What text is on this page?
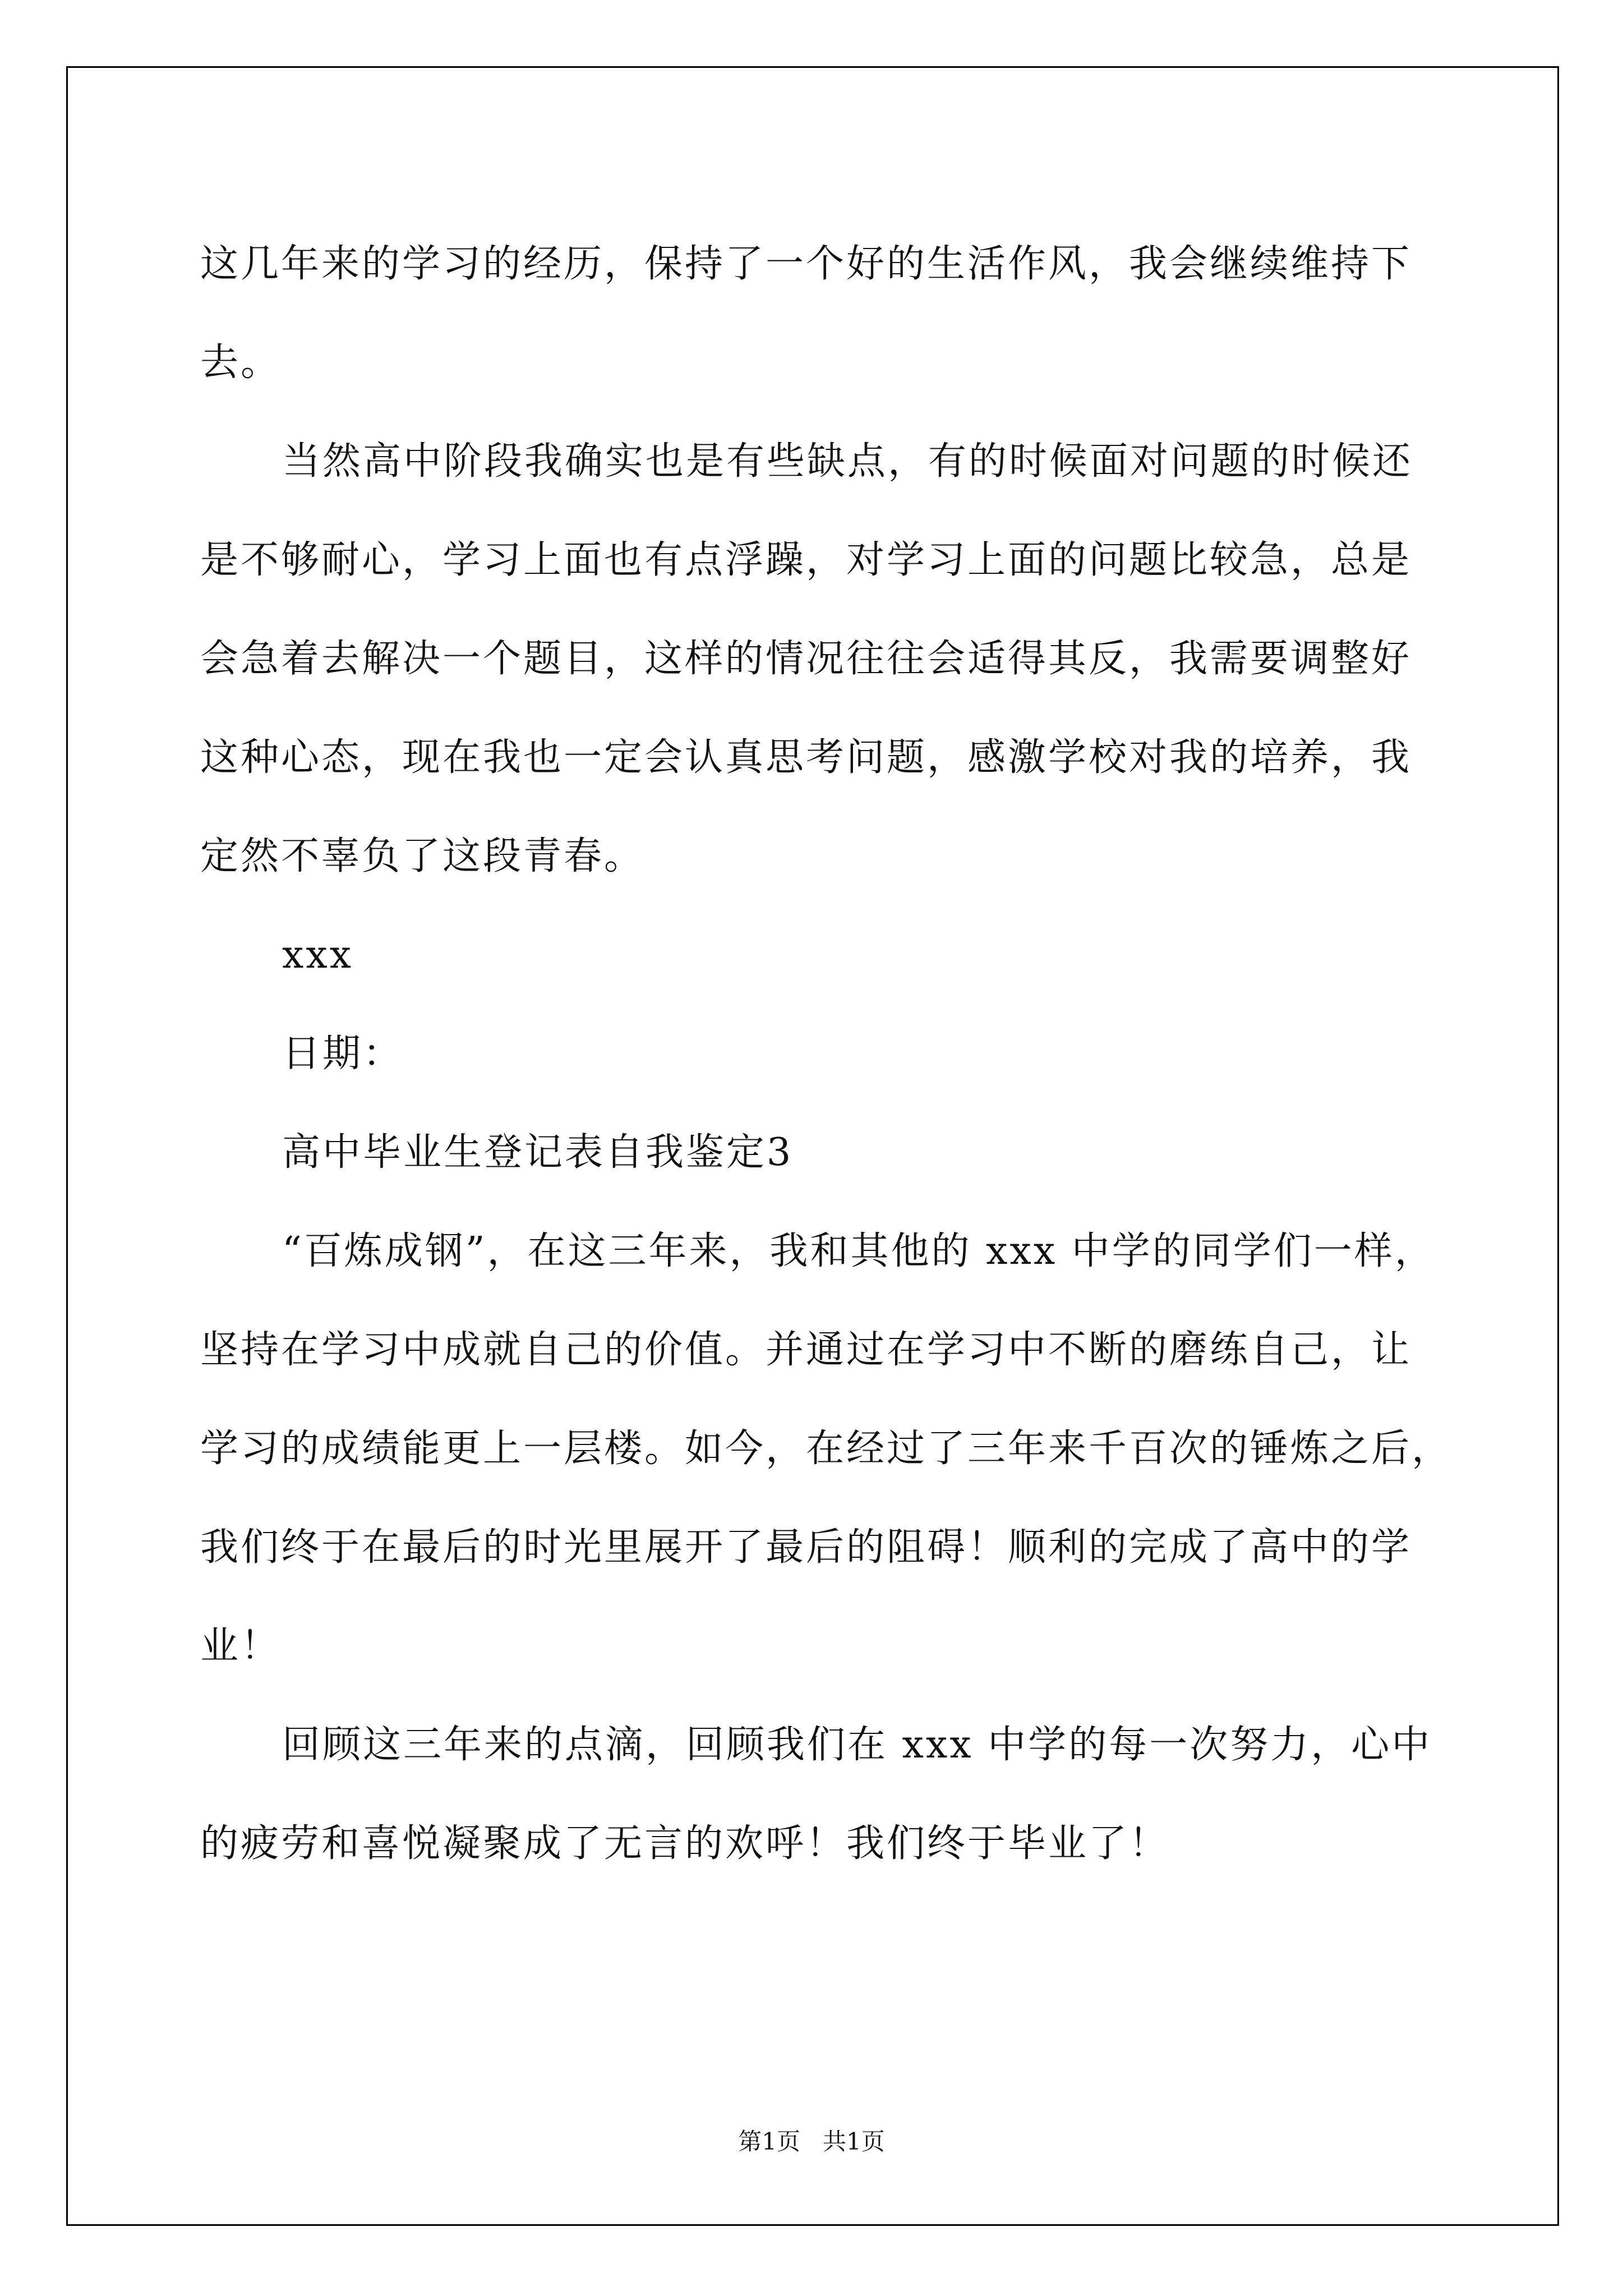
这几年来的学习的经历，保持了一个好的生活作风，我会继续维持下
去。
当然高中阶段我确实也是有些缺点，有的时候面对问题的时候还
是不够耐心，学习上面也有点浮躁，对学习上面的问题比较急，总是
会急着去解决一个题目，这样的情况往往会适得其反，我需要调整好
这种心态，现在我也一定会认真思考问题，感激学校对我的培养，我
定然不辜负了这段青春。
xxx
日期：
高中毕业生登记表自我鉴定3
“百炼成钢”，在这三年来，我和其他的 xxx 中学的同学们一样，
坚持在学习中成就自己的价值。并通过在学习中不断的磨练自己，让
学习的成绩能更上一层楼。如今，在经过了三年来千百次的锤炼之后，
我们终于在最后的时光里展开了最后的阻碍！顺利的完成了高中的学
业！
回顾这三年来的点滴，回顾我们在 xxx 中学的每一次努力，心中
的疲劳和喜悦凝聚成了无言的欢呼！我们终于毕业了！
第1页   共1页
